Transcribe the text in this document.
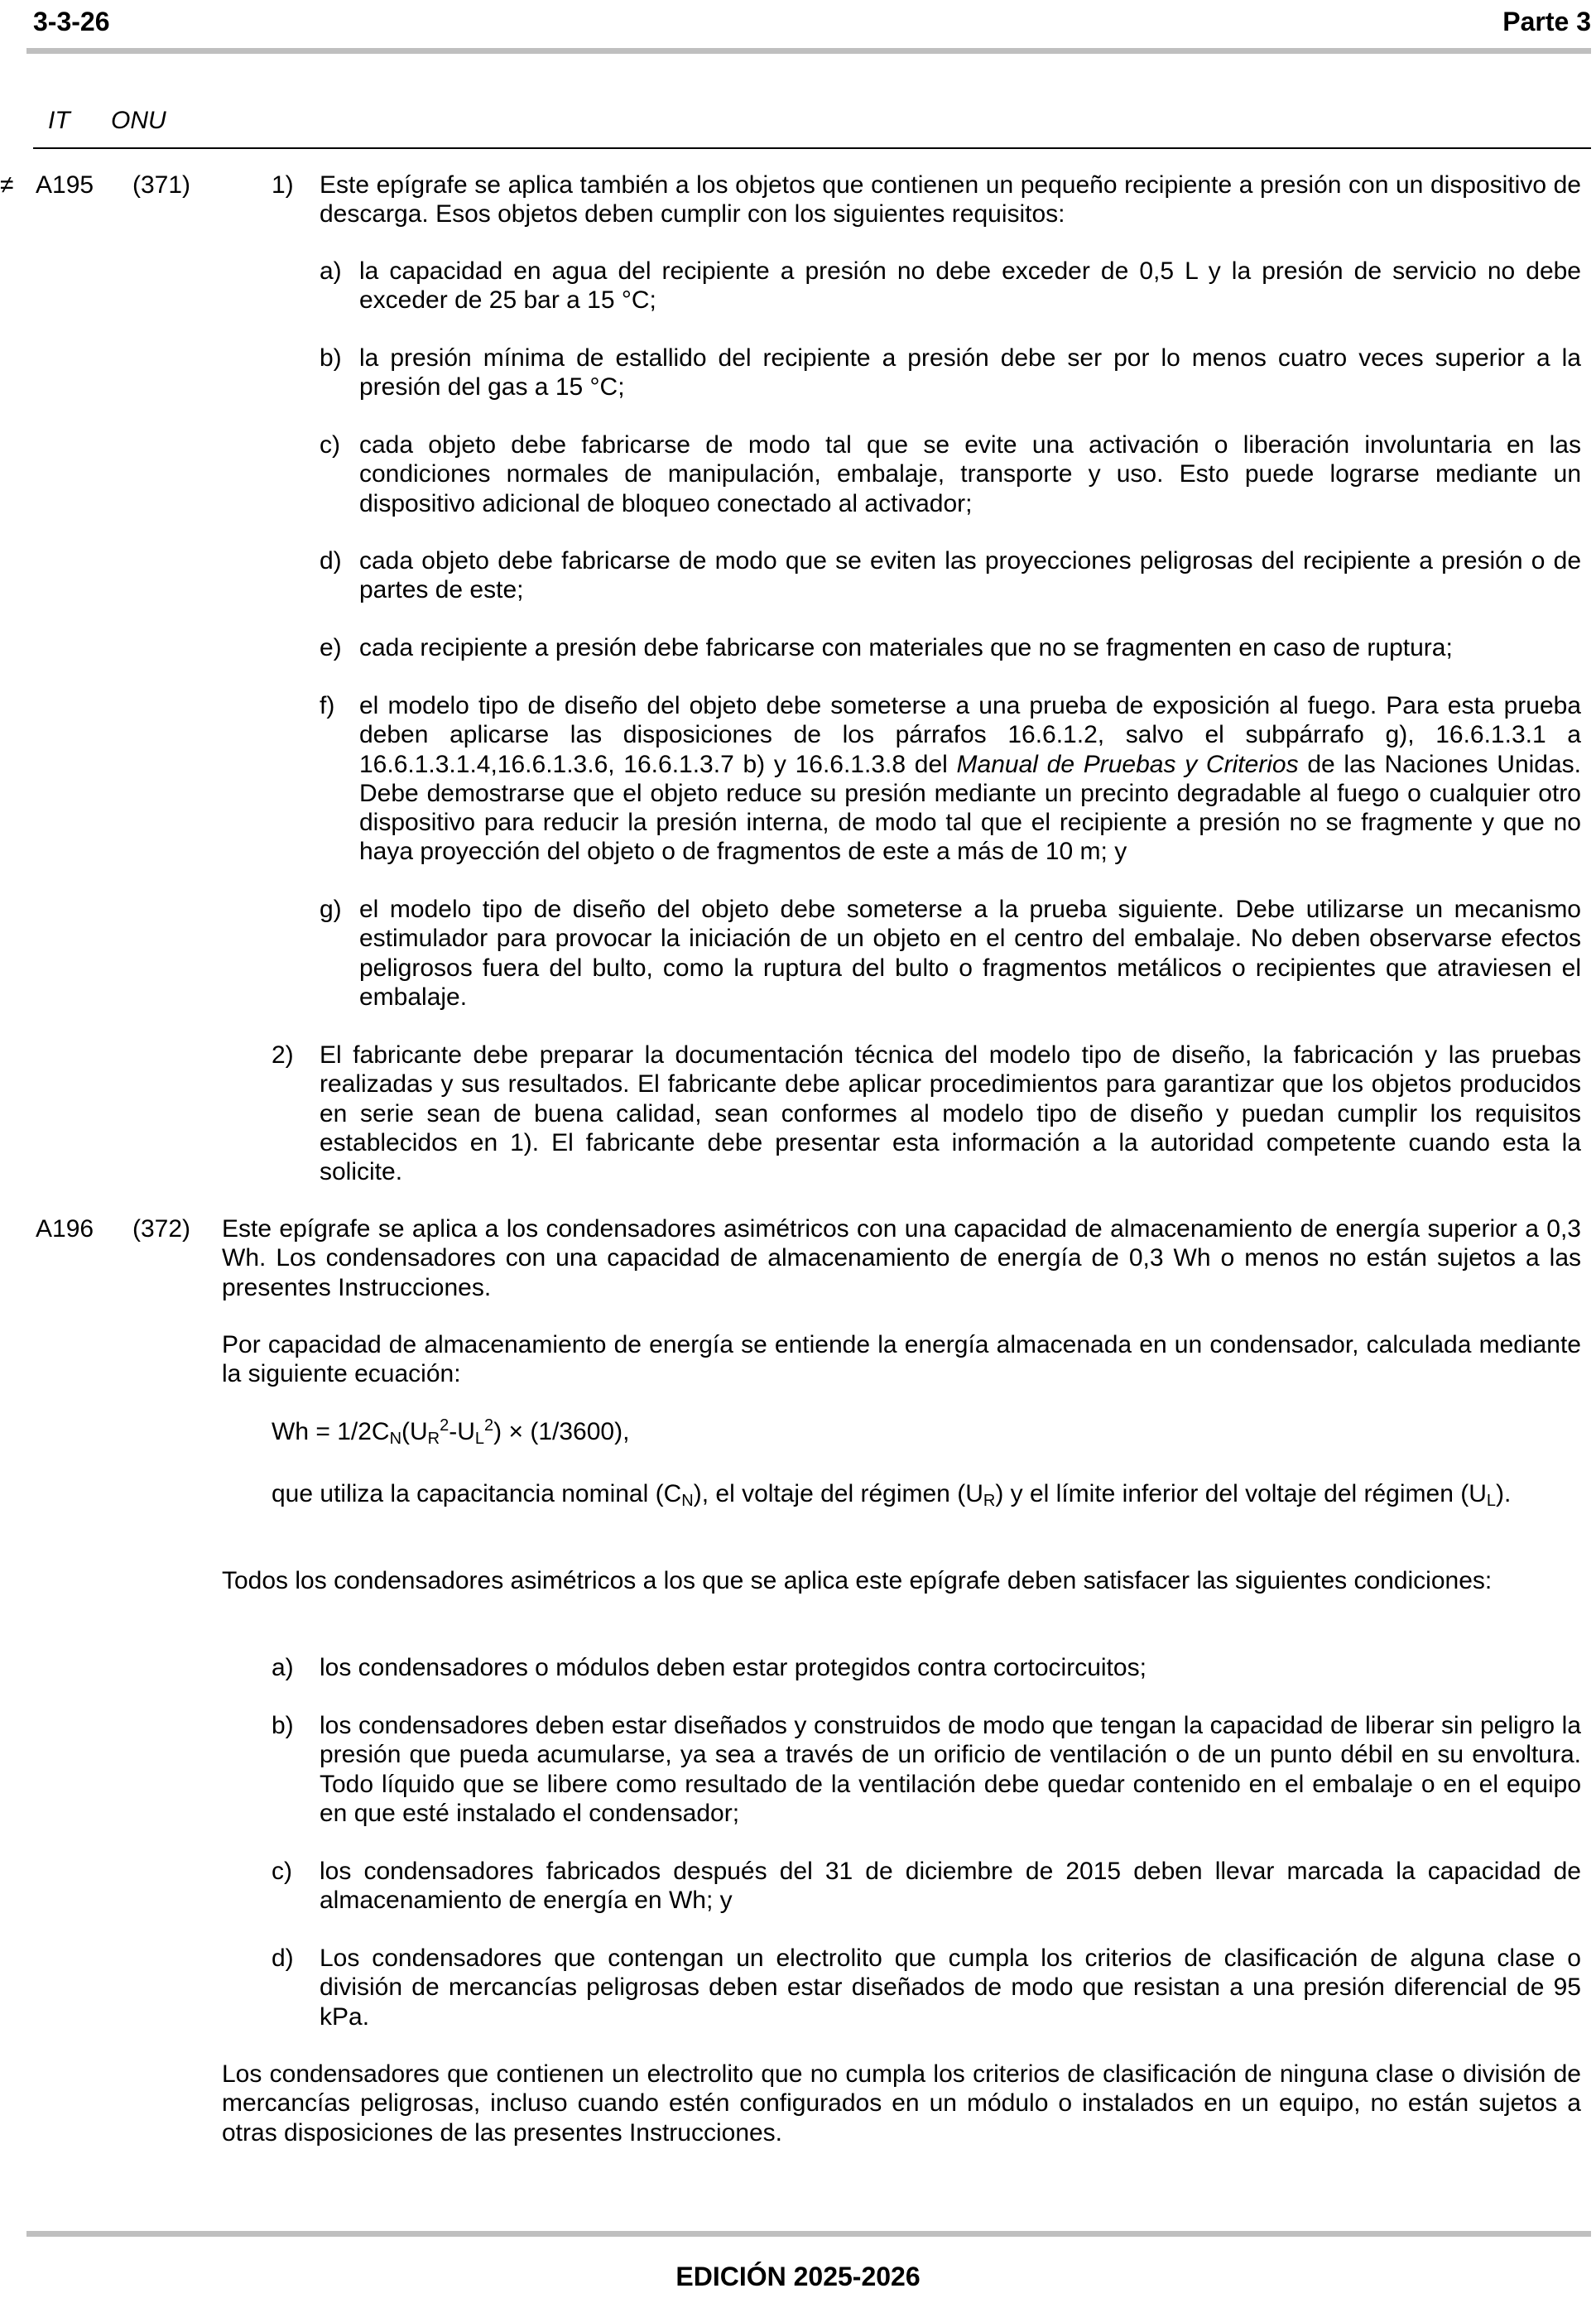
3-3-26	Parte 3
IT ONU
≠ A195 (371)	1) Este epígrafe se aplica también a los objetos que contienen un pequeño recipiente a presión con un dispositivo de descarga. Esos objetos deben cumplir con los siguientes requisitos:

a) la capacidad en agua del recipiente a presión no debe exceder de 0,5 L y la presión de servicio no debe exceder de 25 bar a 15 °C;

b) la presión mínima de estallido del recipiente a presión debe ser por lo menos cuatro veces superior a la presión del gas a 15 °C;

c) cada objeto debe fabricarse de modo tal que se evite una activación o liberación involuntaria en las condiciones normales de manipulación, embalaje, transporte y uso. Esto puede lograrse mediante un dispositivo adicional de bloqueo conectado al activador;

d) cada objeto debe fabricarse de modo que se eviten las proyecciones peligrosas del recipiente a presión o de partes de este;

e) cada recipiente a presión debe fabricarse con materiales que no se fragmenten en caso de ruptura;

f) el modelo tipo de diseño del objeto debe someterse a una prueba de exposición al fuego. Para esta prueba deben aplicarse las disposiciones de los párrafos 16.6.1.2, salvo el subpárrafo g), 16.6.1.3.1 a 16.6.1.3.1.4,16.6.1.3.6, 16.6.1.3.7 b) y 16.6.1.3.8 del Manual de Pruebas y Criterios de las Naciones Unidas. Debe demostrarse que el objeto reduce su presión mediante un precinto degradable al fuego o cualquier otro dispositivo para reducir la presión interna, de modo tal que el recipiente a presión no se fragmente y que no haya proyección del objeto o de fragmentos de este a más de 10 m; y

g) el modelo tipo de diseño del objeto debe someterse a la prueba siguiente. Debe utilizarse un mecanismo estimulador para provocar la iniciación de un objeto en el centro del embalaje. No deben observarse efectos peligrosos fuera del bulto, como la ruptura del bulto o fragmentos metálicos o recipientes que atraviesen el embalaje.

2) El fabricante debe preparar la documentación técnica del modelo tipo de diseño, la fabricación y las pruebas realizadas y sus resultados. El fabricante debe aplicar procedimientos para garantizar que los objetos producidos en serie sean de buena calidad, sean conformes al modelo tipo de diseño y puedan cumplir los requisitos establecidos en 1). El fabricante debe presentar esta información a la autoridad competente cuando esta la solicite.

A196 (372) Este epígrafe se aplica a los condensadores asimétricos con una capacidad de almacenamiento de energía superior a 0,3 Wh. Los condensadores con una capacidad de almacenamiento de energía de 0,3 Wh o menos no están sujetos a las presentes Instrucciones.

Por capacidad de almacenamiento de energía se entiende la energía almacenada en un condensador, calculada mediante la siguiente ecuación:

$Wh = 1/2C_N(U_R^2-U_L^2) \times (1/3600)$,

que utiliza la capacitancia nominal $(C_N)$, el voltaje del régimen $(U_R)$ y el límite inferior del voltaje del régimen $(U_L)$.

Todos los condensadores asimétricos a los que se aplica este epígrafe deben satisfacer las siguientes condiciones:

a) los condensadores o módulos deben estar protegidos contra cortocircuitos;

b) los condensadores deben estar diseñados y construidos de modo que tengan la capacidad de liberar sin peligro la presión que pueda acumularse, ya sea a través de un orificio de ventilación o de un punto débil en su envoltura. Todo líquido que se libere como resultado de la ventilación debe quedar contenido en el embalaje o en el equipo en que esté instalado el condensador;

c) los condensadores fabricados después del 31 de diciembre de 2015 deben llevar marcada la capacidad de almacenamiento de energía en Wh; y

d) Los condensadores que contengan un electrolito que cumpla los criterios de clasificación de alguna clase o división de mercancías peligrosas deben estar diseñados de modo que resistan a una presión diferencial de 95 kPa.

Los condensadores que contienen un electrolito que no cumpla los criterios de clasificación de ninguna clase o división de mercancías peligrosas, incluso cuando estén configurados en un módulo o instalados en un equipo, no están sujetos a otras disposiciones de las presentes Instrucciones.

EDICIÓN 2025-2026
